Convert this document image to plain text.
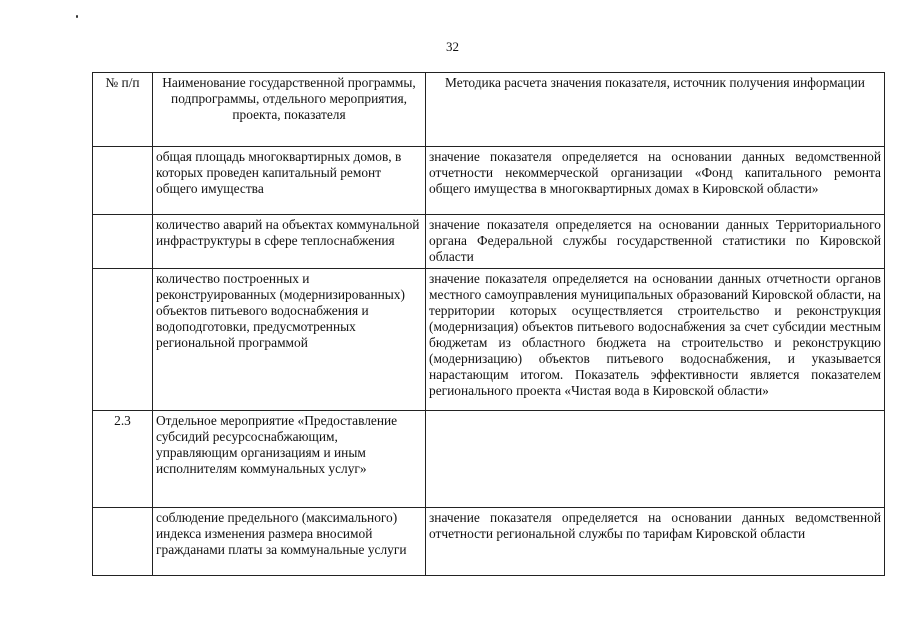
32
№ п/п	Наименование государственной программы, подпрограммы, отдельного мероприятия, проекта, показателя	Методика расчета значения показателя, источник получения информации
	общая площадь многоквартирных домов, в которых проведен капитальный ремонт общего имущества	значение показателя определяется на основании данных ведомственной отчетности некоммерческой организации «Фонд капитального ремонта общего имущества в многоквартирных домах в Кировской области»
	количество аварий на объектах коммунальной инфраструктуры в сфере теплоснабжения	значение показателя определяется на основании данных Территориального органа Федеральной службы государственной статистики по Кировской области
	количество построенных и реконструированных (модернизированных) объектов питьевого водоснабжения и водоподготовки, предусмотренных региональной программой	значение показателя определяется на основании данных отчетности органов местного самоуправления муниципальных образований Кировской области, на территории которых осуществляется строительство и реконструкция (модернизация) объектов питьевого водоснабжения за счет субсидии местным бюджетам из областного бюджета на строительство и реконструкцию (модернизацию) объектов питьевого водоснабжения, и указывается нарастающим итогом. Показатель эффективности является показателем регионального проекта «Чистая вода в Кировской области»
2.3	Отдельное мероприятие «Предоставление субсидий ресурсоснабжающим, управляющим организациям и иным исполнителям коммунальных услуг»	
	соблюдение предельного (максимального) индекса изменения размера вносимой гражданами платы за коммунальные услуги	значение показателя определяется на основании данных ведомственной отчетности региональной службы по тарифам Кировской области
